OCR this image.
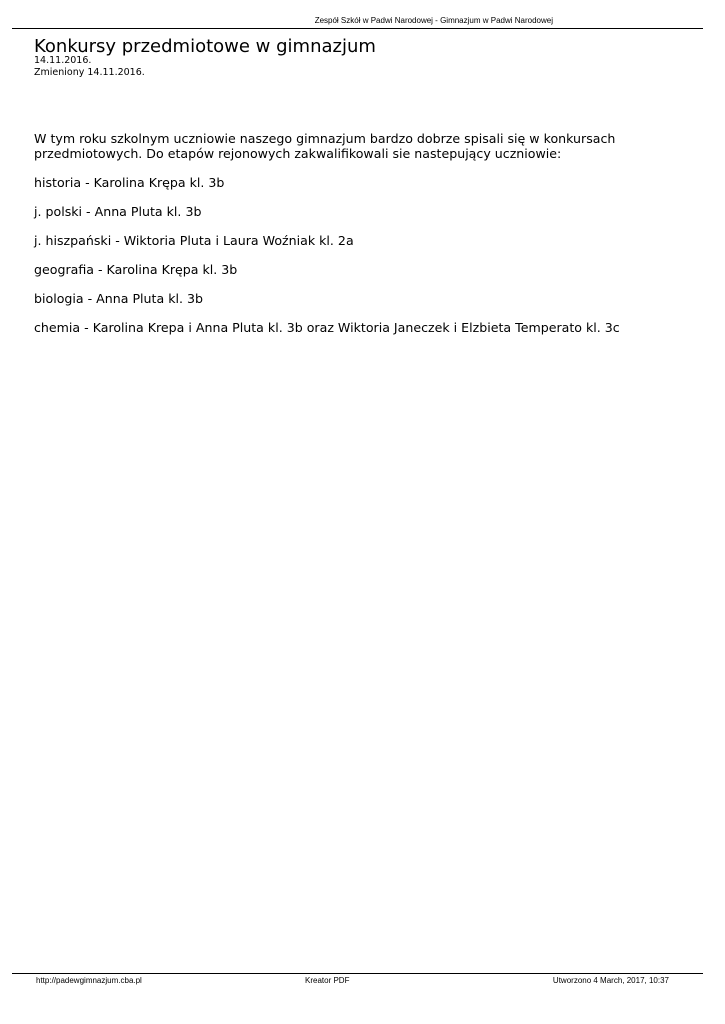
Zespół Szkół w Padwi Narodowej - Gimnazjum w Padwi Narodowej
Konkursy przedmiotowe w gimnazjum
14.11.2016.
Zmieniony 14.11.2016.

W tym roku szkolnym uczniowie naszego gimnazjum bardzo dobrze spisali się w konkursach przedmiotowych. Do etapów rejonowych zakwalifikowali sie nastepujący uczniowie:

historia - Karolina Krępa kl. 3b

j. polski - Anna Pluta kl. 3b

j. hiszpański - Wiktoria Pluta i Laura Woźniak kl. 2a

geografia - Karolina Krępa kl. 3b

biologia - Anna Pluta kl. 3b

chemia - Karolina Krepa i Anna Pluta kl. 3b oraz Wiktoria Janeczek i Elzbieta Temperato kl. 3c

http://padewgimnazjum.cba.pl	Kreator PDF	Utworzono 4 March, 2017, 10:37
